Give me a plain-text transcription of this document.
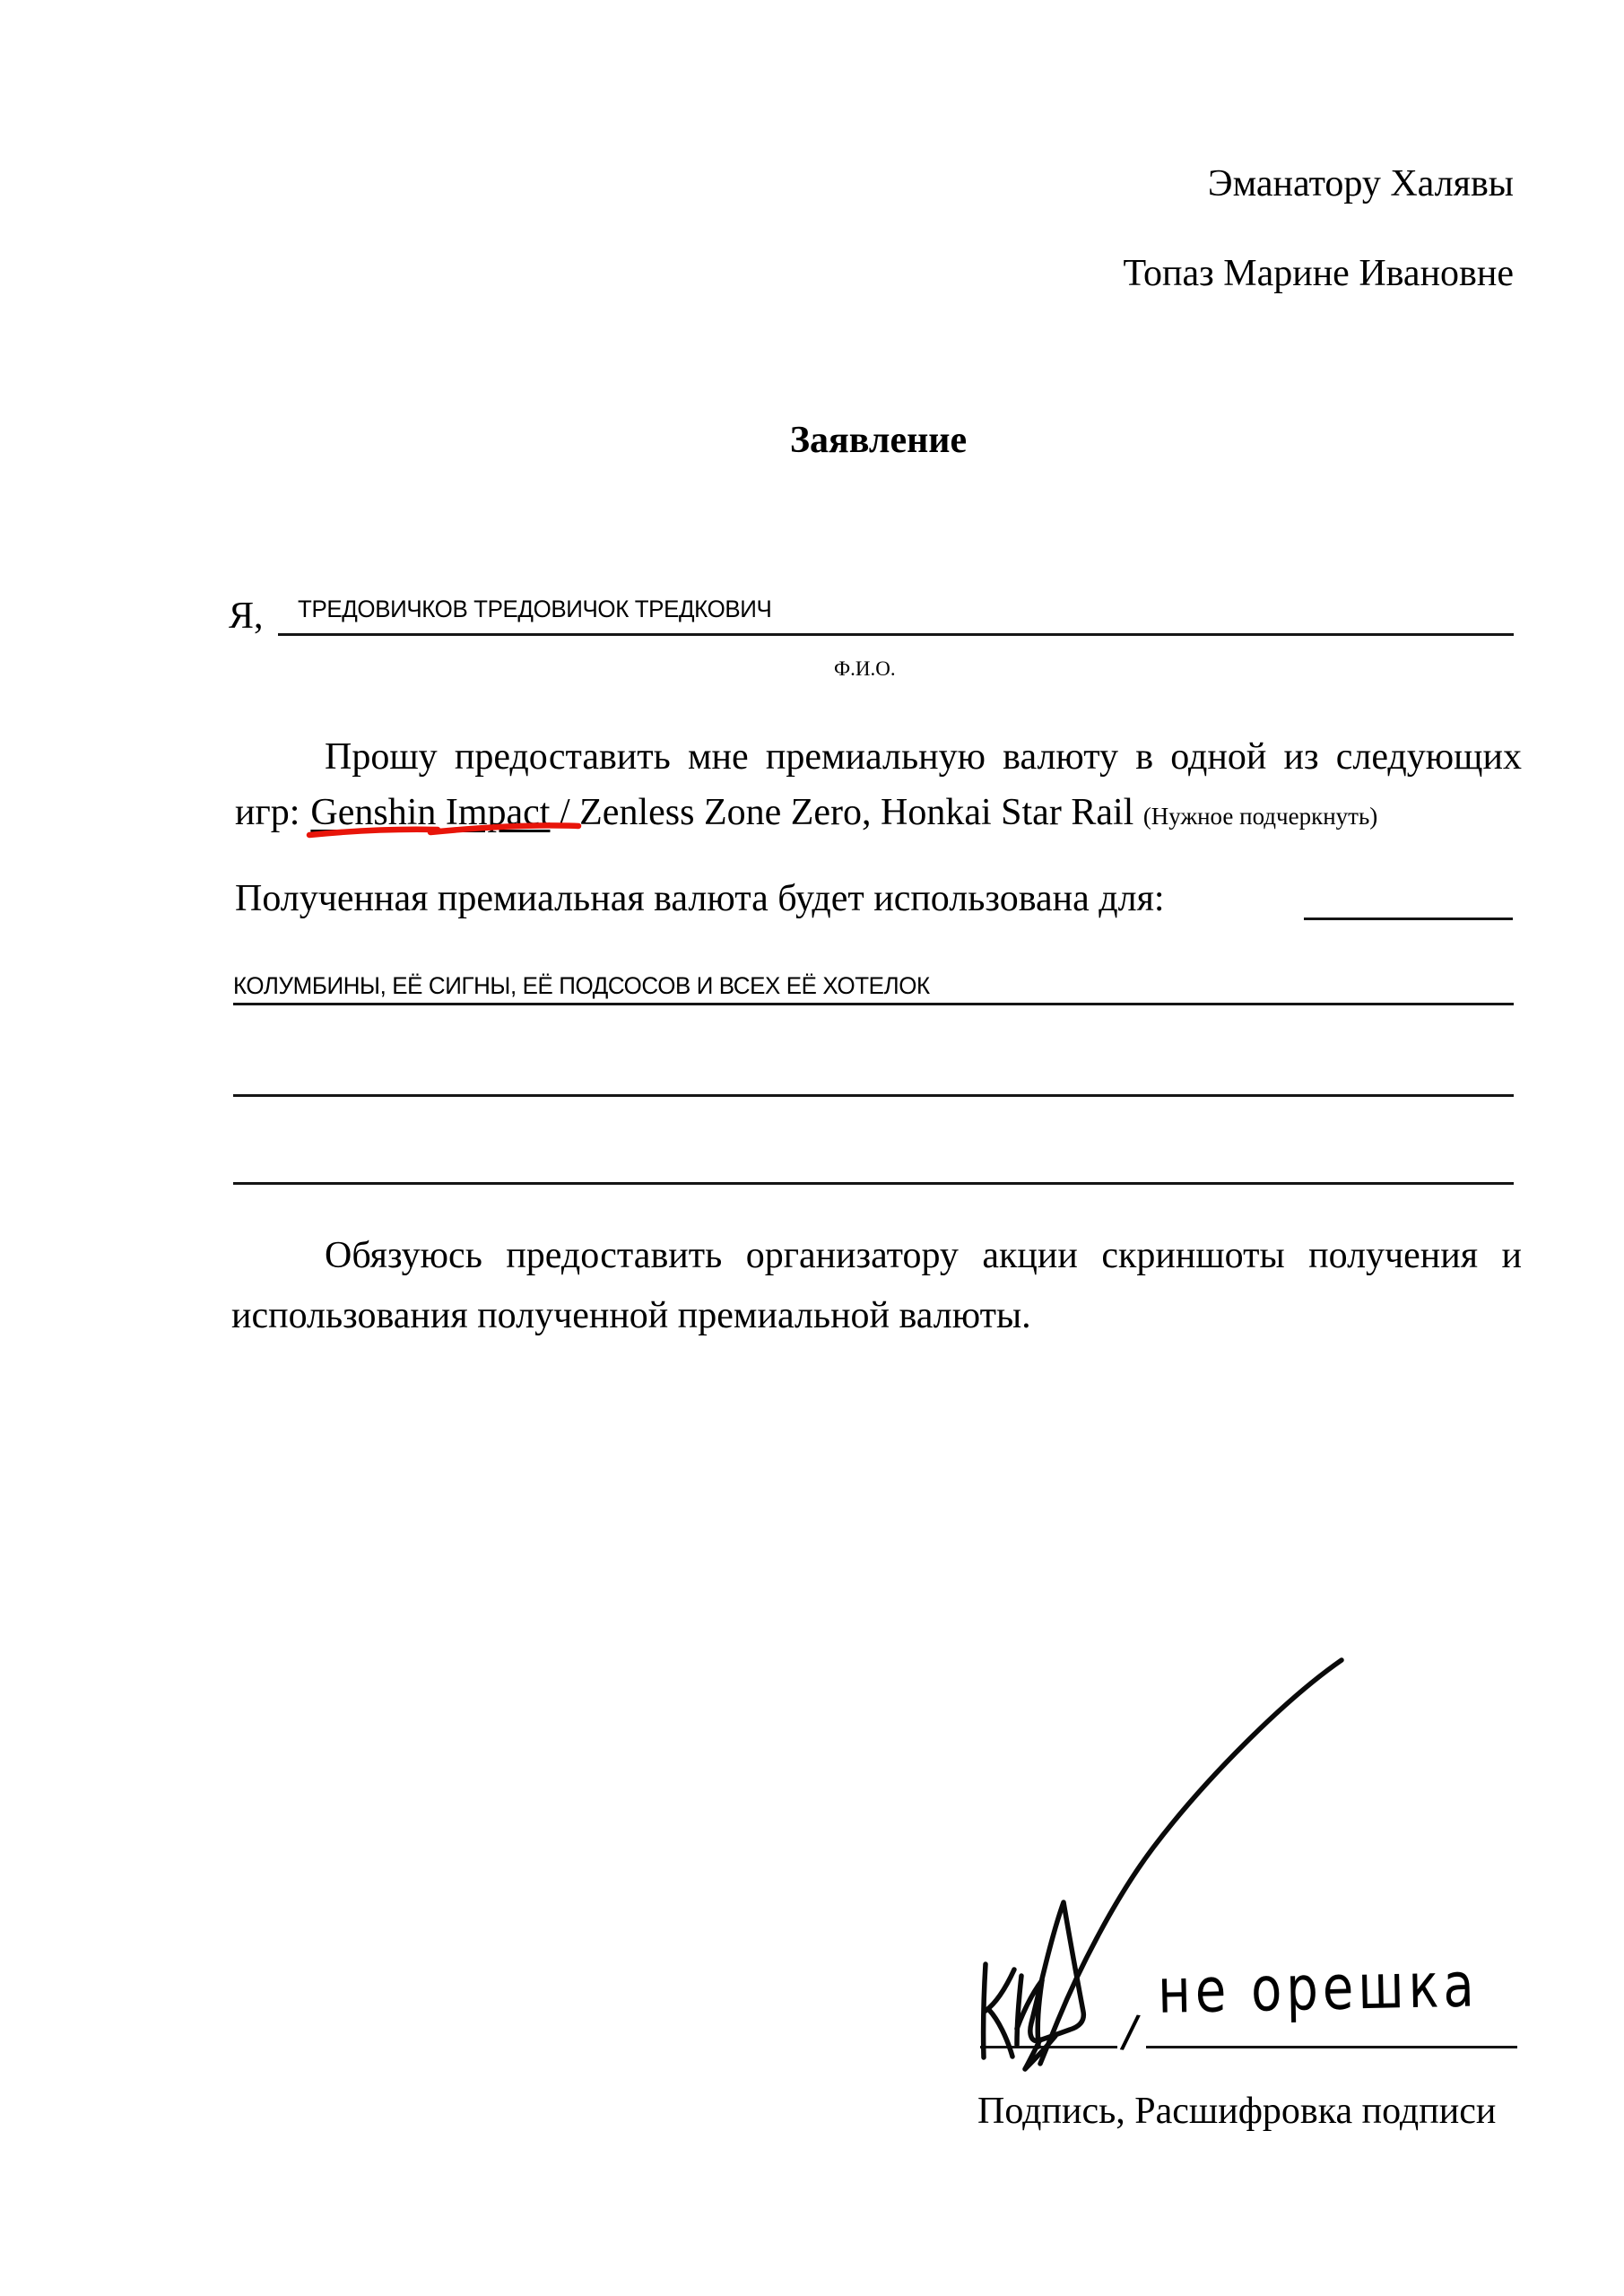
Эманатору Халявы
Топаз Марине Ивановне
Заявление
Я, ТРЕДОВИЧКОВ ТРЕДОВИЧОК ТРЕДКОВИЧ
Ф.И.О.
Прошу предоставить мне премиальную валюту в одной из следующих
игр: Genshin Impact / Zenless Zone Zero, Honkai Star Rail (Нужное подчеркнуть)
Полученная премиальная валюта будет использована для:
КОЛУМБИНЫ, ЕЁ СИГНЫ, ЕЁ ПОДСОСОВ И ВСЕХ ЕЁ ХОТЕЛОК
Обязуюсь предоставить организатору акции скриншоты получения и
использования полученной премиальной валюты.
не орешка
/
Подпись, Расшифровка подписи
